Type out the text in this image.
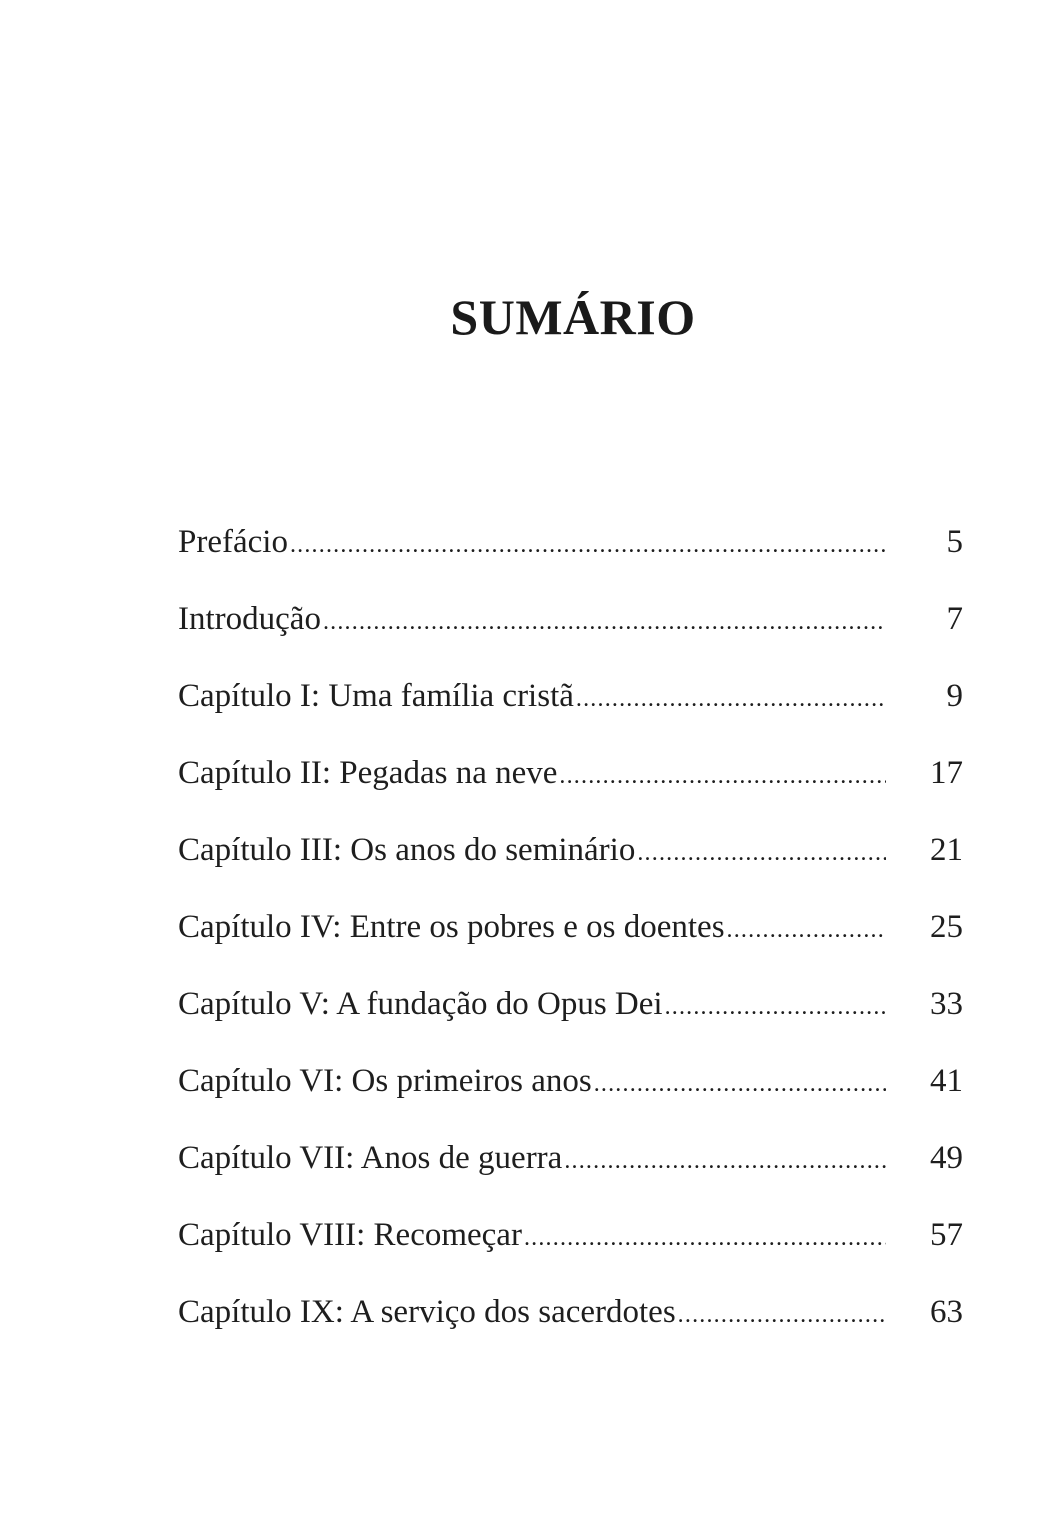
SUMÁRIO
Prefácio .....	5
Introdução .....	7
Capítulo I: Uma família cristã .....	9
Capítulo II: Pegadas na neve .....	17
Capítulo III: Os anos do seminário .....	21
Capítulo IV: Entre os pobres e os doentes .....	25
Capítulo V: A fundação do Opus Dei .....	33
Capítulo VI: Os primeiros anos .....	41
Capítulo VII: Anos de guerra .....	49
Capítulo VIII: Recomeçar .....	57
Capítulo IX: A serviço dos sacerdotes .....	63
